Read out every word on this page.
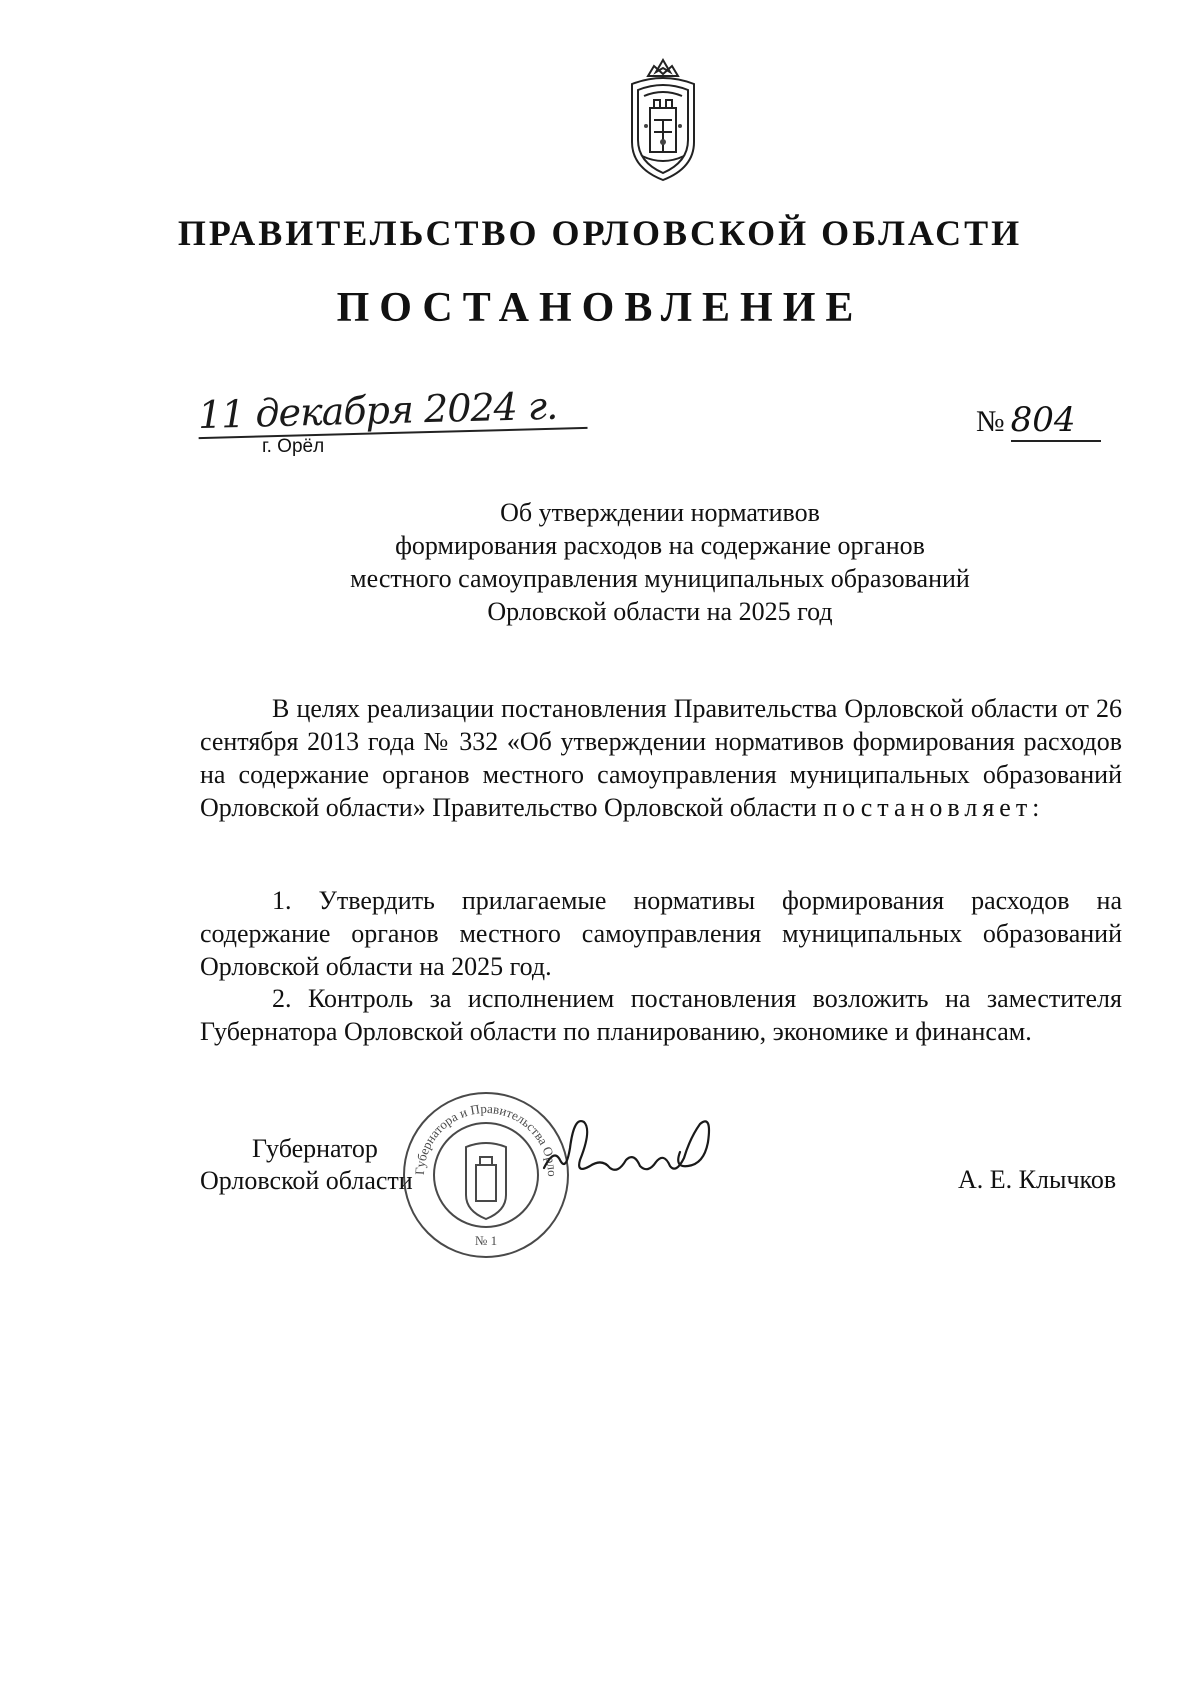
ПРАВИТЕЛЬСТВО ОРЛОВСКОЙ ОБЛАСТИ
ПОСТАНОВЛЕНИЕ
11 декабря 2024 г.
г. Орёл
№ 804
Об утверждении нормативов
формирования расходов на содержание органов
местного самоуправления муниципальных образований
Орловской области на 2025 год
В целях реализации постановления Правительства Орловской области от 26 сентября 2013 года № 332 «Об утверждении нормативов формирования расходов на содержание органов местного самоуправления муниципальных образований Орловской области» Правительство Орловской области постановляет:
1. Утвердить прилагаемые нормативы формирования расходов на содержание органов местного самоуправления муниципальных образований Орловской области на 2025 год.
2. Контроль за исполнением постановления возложить на заместителя Губернатора Орловской области по планированию, экономике и финансам.
Губернатор
Орловской области	А. Е. Клычков
Губернатора и Правительства Орло
№ 1
